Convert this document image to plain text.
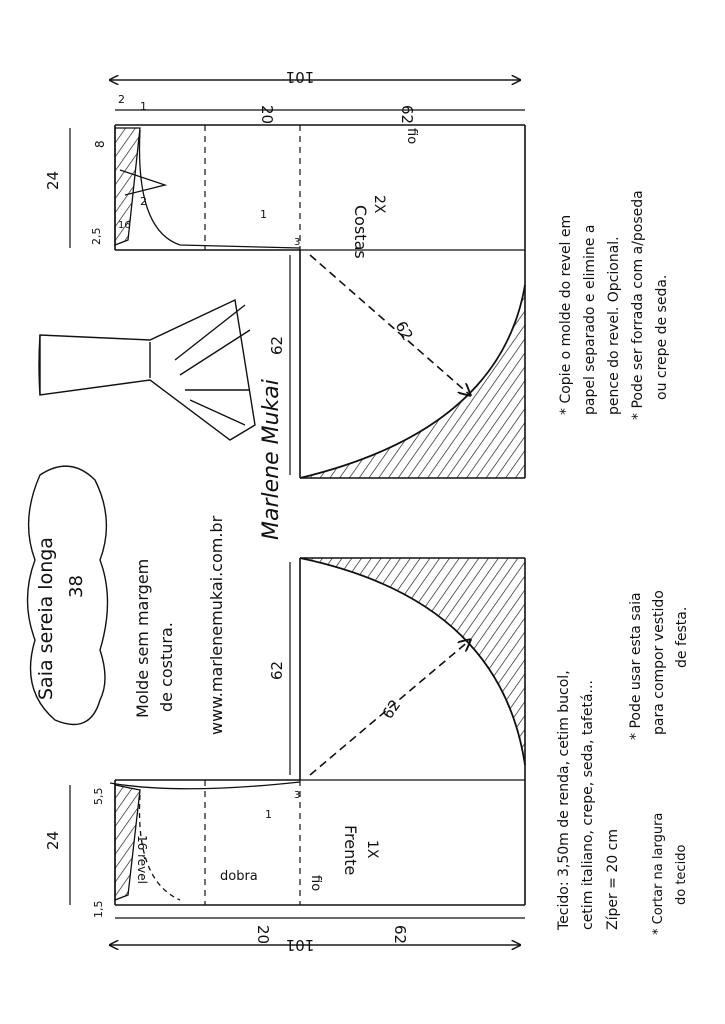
101
20	62
24
62
62
8
2,5
16
2
2
1
1
3	Costas
2X
fio
101
20	62
24
62
62
5,5
1,5
1
3
16 revel	dobra	fio
Frente 1X
Saia sereia longa 38	Molde sem margem de costura. www.marlenemukai.com.br
Marlene Mukai
Tecido: 3,50m de renda, cetim bucol, cetim italiano, crepe, seda, tafetá... Zíper = 20 cm
* Pode usar esta saia para compor vestido de festa.
* Cortar na largura do tecido
* Copie o molde do revel em papel separado e elimine a pence do revel. Opcional. * Pode ser forrada com a/poseda ou crepe de seda.
